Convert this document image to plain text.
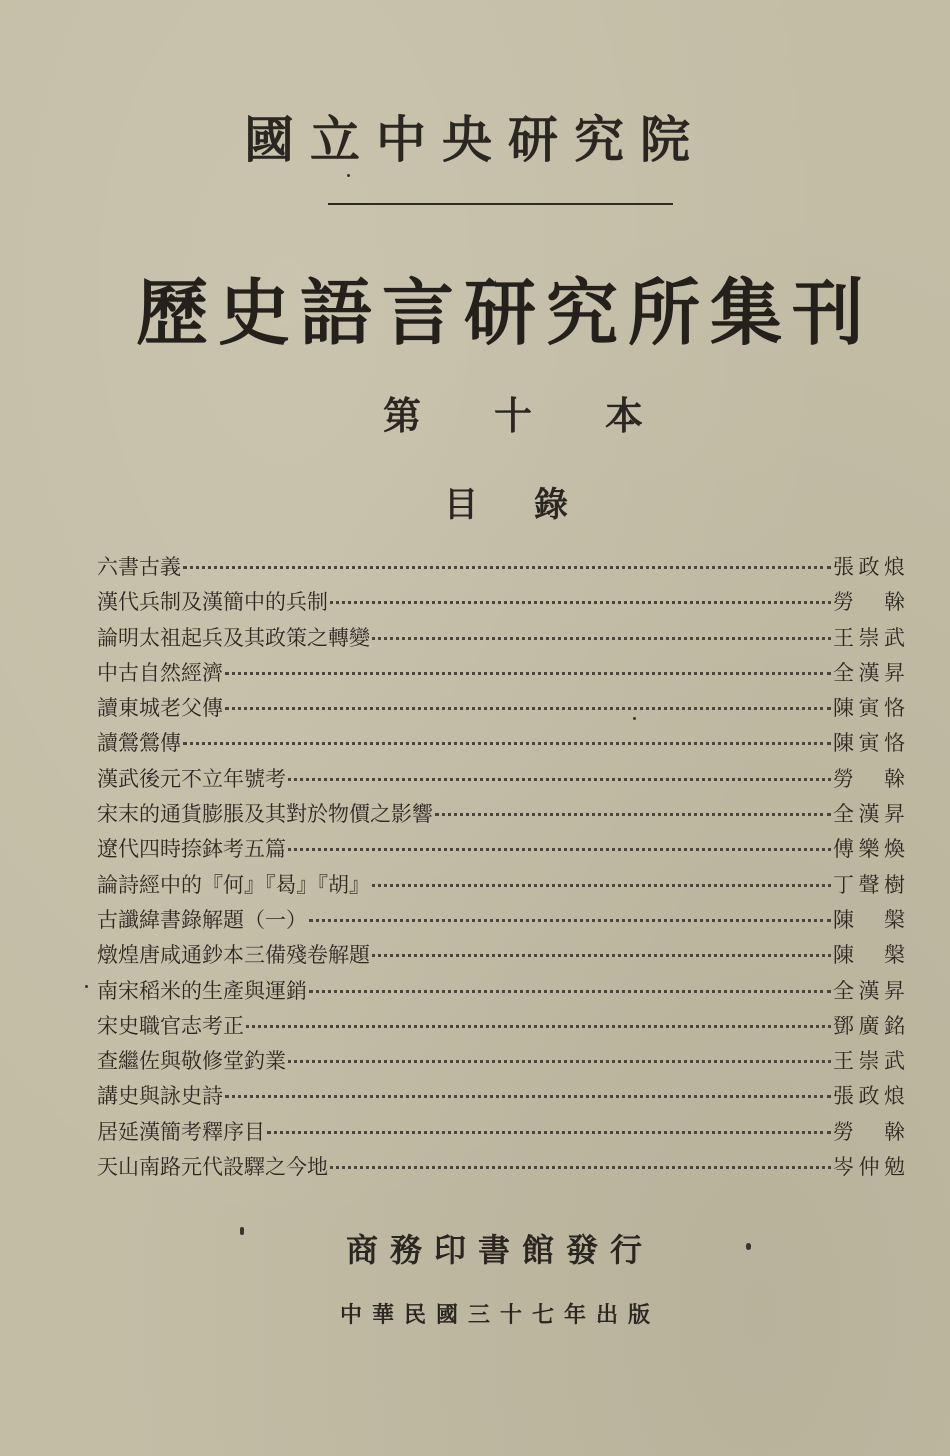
國立中央研究院
歷史語言研究所集刊
第 十 本
目 錄
六書古義	張政烺
漢代兵制及漢簡中的兵制	勞　榦
論明太祖起兵及其政策之轉變	王崇武
中古自然經濟	全漢昇
讀東城老父傳	陳寅恪
讀鶯鶯傳	陳寅恪
漢武後元不立年號考	勞　榦
宋末的通貨膨脹及其對於物價之影響	全漢昇
遼代四時捺鉢考五篇	傅樂煥
論詩經中的『何』『曷』『胡』	丁聲樹
古讖緯書錄解題（一）	陳　槃
燉煌唐咸通鈔本三備殘卷解題	陳　槃
南宋稻米的生產與運銷	全漢昇
宋史職官志考正	鄧廣銘
查繼佐與敬修堂釣業	王崇武
講史與詠史詩	張政烺
居延漢簡考釋序目	勞　榦
天山南路元代設驛之今地	岑仲勉
商務印書館發行
中華民國三十七年出版
